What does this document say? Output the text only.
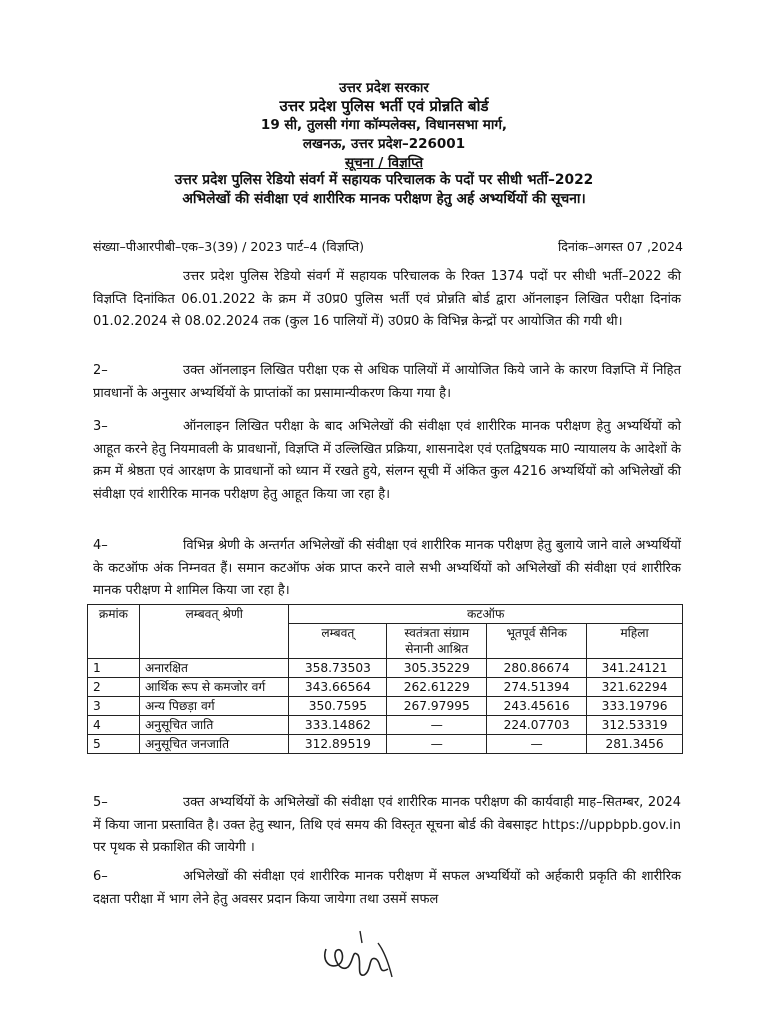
उत्तर प्रदेश सरकार
उत्तर प्रदेश पुलिस भर्ती एवं प्रोन्नति बोर्ड
19 सी, तुलसी गंगा कॉम्पलेक्स, विधानसभा मार्ग,
लखनऊ, उत्तर प्रदेश–226001
सूचना / विज्ञप्ति
उत्तर प्रदेश पुलिस रेडियो संवर्ग में सहायक परिचालक के पदों पर सीधी भर्ती–2022
अभिलेखों की संवीक्षा एवं शारीरिक मानक परीक्षण हेतु अर्ह अभ्यर्थियों की सूचना।
संख्या–पीआरपीबी–एक–3(39) / 2023 पार्ट–4 (विज्ञप्ति)	दिनांक–अगस्त 07 ,2024
उत्तर प्रदेश पुलिस रेडियो संवर्ग में सहायक परिचालक के रिक्त 1374 पदों पर सीधी भर्ती–2022 की विज्ञप्ति दिनांकित 06.01.2022 के क्रम में उ0प्र0 पुलिस भर्ती एवं प्रोन्नति बोर्ड द्वारा ऑनलाइन लिखित परीक्षा दिनांक 01.02.2024 से 08.02.2024 तक (कुल 16 पालियों में) उ0प्र0 के विभिन्न केन्द्रों पर आयोजित की गयी थी।
2–	उक्त ऑनलाइन लिखित परीक्षा एक से अधिक पालियों में आयोजित किये जाने के कारण विज्ञप्ति में निहित प्रावधानों के अनुसार अभ्यर्थियों के प्राप्तांकों का प्रसामान्यीकरण किया गया है।
3–	ऑनलाइन लिखित परीक्षा के बाद अभिलेखों की संवीक्षा एवं शारीरिक मानक परीक्षण हेतु अभ्यर्थियों को आहूत करने हेतु नियमावली के प्रावधानों, विज्ञप्ति में उल्लिखित प्रक्रिया, शासनादेश एवं एतद्विषयक मा0 न्यायालय के आदेशों के क्रम में श्रेष्ठता एवं आरक्षण के प्रावधानों को ध्यान में रखते हुये, संलग्न सूची में अंकित कुल 4216 अभ्यर्थियों को अभिलेखों की संवीक्षा एवं शारीरिक मानक परीक्षण हेतु आहूत किया जा रहा है।
4–	विभिन्न श्रेणी के अन्तर्गत अभिलेखों की संवीक्षा एवं शारीरिक मानक परीक्षण हेतु बुलाये जाने वाले अभ्यर्थियों के कटऑफ अंक निम्नवत हैं। समान कटऑफ अंक प्राप्त करने वाले सभी अभ्यर्थियों को अभिलेखों की संवीक्षा एवं शारीरिक मानक परीक्षण मे शामिल किया जा रहा है।
क्रमांक	लम्बवत् श्रेणी	कटऑफ			
		लम्बवत्	स्वतंत्रता संग्राम सेनानी आश्रित	भूतपूर्व सैनिक	महिला
1	अनारक्षित	358.73503	305.35229	280.86674	341.24121
2	आर्थिक रूप से कमजोर वर्ग	343.66564	262.61229	274.51394	321.62294
3	अन्य पिछड़ा वर्ग	350.7595	267.97995	243.45616	333.19796
4	अनुसूचित जाति	333.14862	—	224.07703	312.53319
5	अनुसूचित जनजाति	312.89519	—	—	281.3456
5–	उक्त अभ्यर्थियों के अभिलेखों की संवीक्षा एवं शारीरिक मानक परीक्षण की कार्यवाही माह–सितम्बर, 2024 में किया जाना प्रस्तावित है। उक्त हेतु स्थान, तिथि एवं समय की विस्तृत सूचना बोर्ड की वेबसाइट https://uppbpb.gov.in पर पृथक से प्रकाशित की जायेगी ।
6–	अभिलेखों की संवीक्षा एवं शारीरिक मानक परीक्षण में सफल अभ्यर्थियों को अर्हकारी प्रकृति की शारीरिक दक्षता परीक्षा में भाग लेने हेतु अवसर प्रदान किया जायेगा तथा उसमें सफल
